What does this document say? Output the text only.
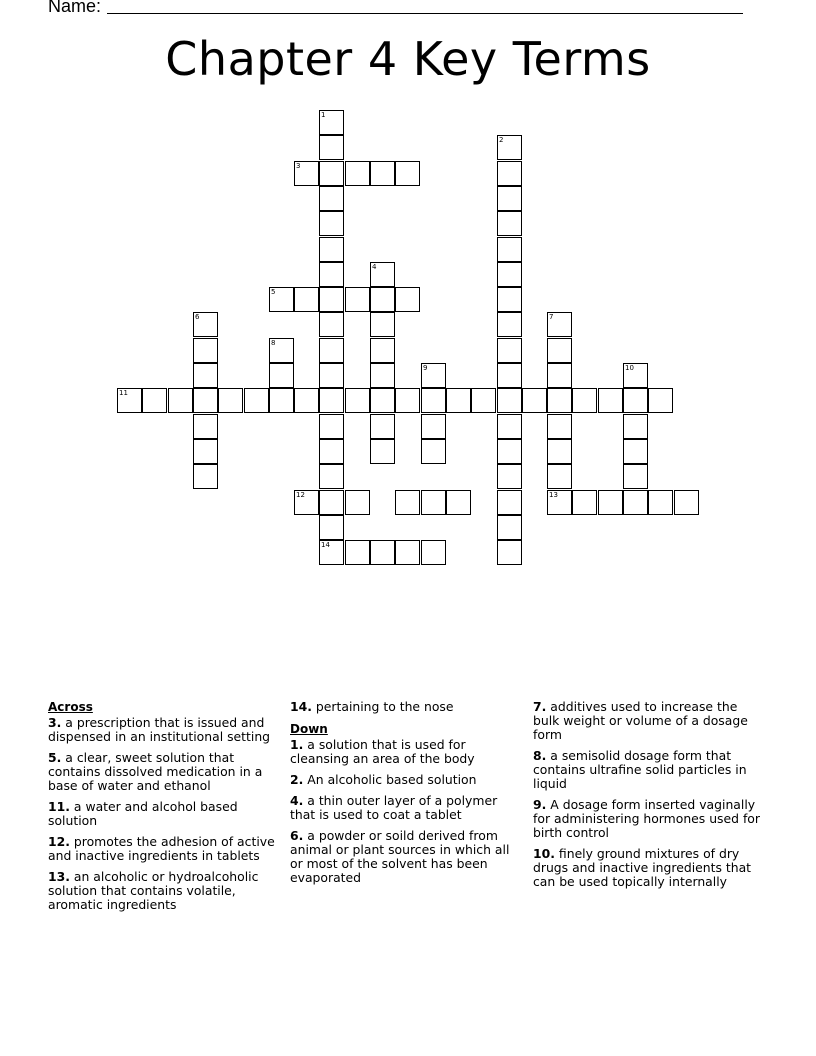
Name:
Chapter 4 Key Terms
1
14
2
3
4
5
6	7
13
8
9	10
11
12
Across
3. a prescription that is issued and dispensed in an institutional setting
5. a clear, sweet solution that contains dissolved medication in a base of water and ethanol
11. a water and alcohol based solution
12. promotes the adhesion of active and inactive ingredients in tablets
13. an alcoholic or hydroalcoholic solution that contains volatile, aromatic ingredients
14. pertaining to the nose
Down
1. a solution that is used for cleansing an area of the body
2. An alcoholic based solution
4. a thin outer layer of a polymer that is used to coat a tablet
6. a powder or soild derived from animal or plant sources in which all or most of the solvent has been evaporated
7. additives used to increase the bulk weight or volume of a dosage form
8. a semisolid dosage form that contains ultrafine solid particles in liquid
9. A dosage form inserted vaginally for administering hormones used for birth control
10. finely ground mixtures of dry drugs and inactive ingredients that can be used topically internally
